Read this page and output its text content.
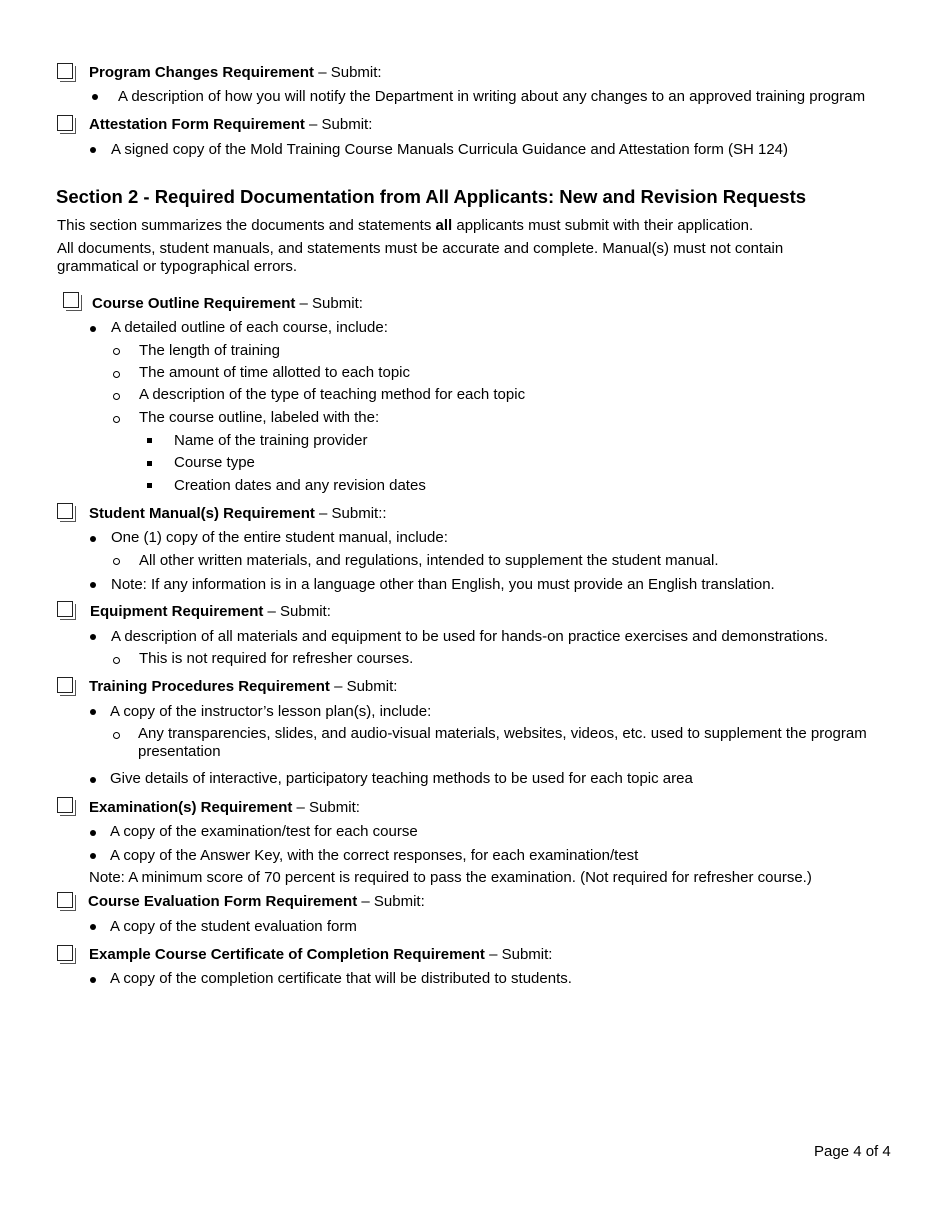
Program Changes Requirement – Submit:
A description of how you will notify the Department in writing about any changes to an approved training program
Attestation Form Requirement – Submit:
A signed copy of the Mold Training Course Manuals Curricula Guidance and Attestation form (SH 124)
Section 2 - Required Documentation from All Applicants: New and Revision Requests
This section summarizes the documents and statements all applicants must submit with their application.
All documents, student manuals, and statements must be accurate and complete. Manual(s) must not contain grammatical or typographical errors.
Course Outline Requirement – Submit:
A detailed outline of each course, include:
The length of training
The amount of time allotted to each topic
A description of the type of teaching method for each topic
The course outline, labeled with the:
Name of the training provider
Course type
Creation dates and any revision dates
Student Manual(s) Requirement – Submit::
One (1) copy of the entire student manual, include:
All other written materials, and regulations, intended to supplement the student manual.
Note: If any information is in a language other than English, you must provide an English translation.
Equipment Requirement – Submit:
A description of all materials and equipment to be used for hands-on practice exercises and demonstrations.
This is not required for refresher courses.
Training Procedures Requirement – Submit:
A copy of the instructor’s lesson plan(s), include:
Any transparencies, slides, and audio-visual materials, websites, videos, etc. used to supplement the program presentation
Give details of interactive, participatory teaching methods to be used for each topic area
Examination(s) Requirement – Submit:
A copy of the examination/test for each course
A copy of the Answer Key, with the correct responses, for each examination/test
Note: A minimum score of 70 percent is required to pass the examination. (Not required for refresher course.)
Course Evaluation Form Requirement – Submit:
A copy of the student evaluation form
Example Course Certificate of Completion Requirement – Submit:
A copy of the completion certificate that will be distributed to students.
Page 4 of 4
